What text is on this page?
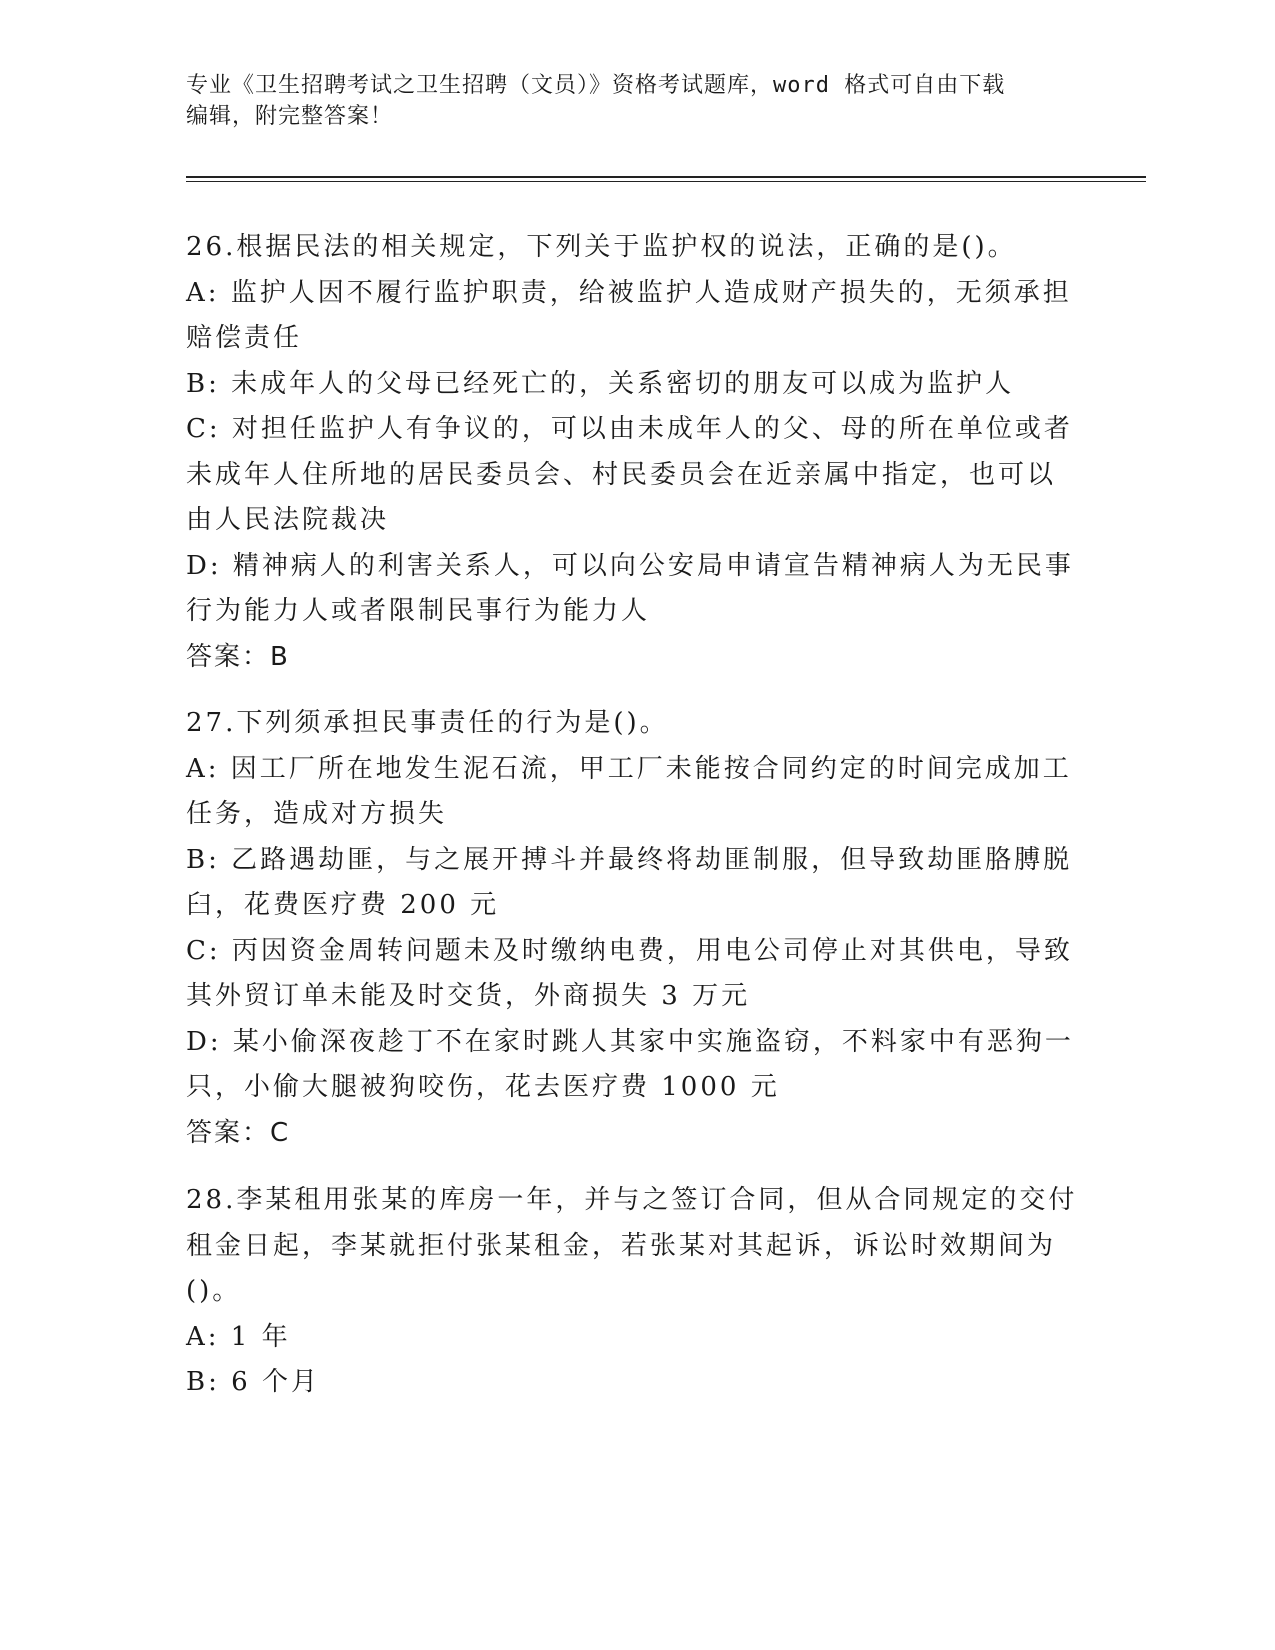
专业《卫生招聘考试之卫生招聘（文员）》资格考试题库，word 格式可自由下载
编辑，附完整答案！

26.根据民法的相关规定，下列关于监护权的说法，正确的是()。

A: 监护人因不履行监护职责，给被监护人造成财产损失的，无须承担

赔偿责任

B: 未成年人的父母已经死亡的，关系密切的朋友可以成为监护人

C: 对担任监护人有争议的，可以由未成年人的父、母的所在单位或者

未成年人住所地的居民委员会、村民委员会在近亲属中指定，也可以

由人民法院裁决

D: 精神病人的利害关系人，可以向公安局申请宣告精神病人为无民事

行为能力人或者限制民事行为能力人

答案：B

27.下列须承担民事责任的行为是()。

A: 因工厂所在地发生泥石流，甲工厂未能按合同约定的时间完成加工

任务，造成对方损失

B: 乙路遇劫匪，与之展开搏斗并最终将劫匪制服，但导致劫匪胳膊脱

臼，花费医疗费 200 元

C: 丙因资金周转问题未及时缴纳电费，用电公司停止对其供电，导致

其外贸订单未能及时交货，外商损失 3 万元

D: 某小偷深夜趁丁不在家时跳人其家中实施盗窃，不料家中有恶狗一

只，小偷大腿被狗咬伤，花去医疗费 1000 元

答案：C

28.李某租用张某的库房一年，并与之签订合同，但从合同规定的交付

租金日起，李某就拒付张某租金，若张某对其起诉，诉讼时效期间为

()。

A: 1 年

B: 6 个月
